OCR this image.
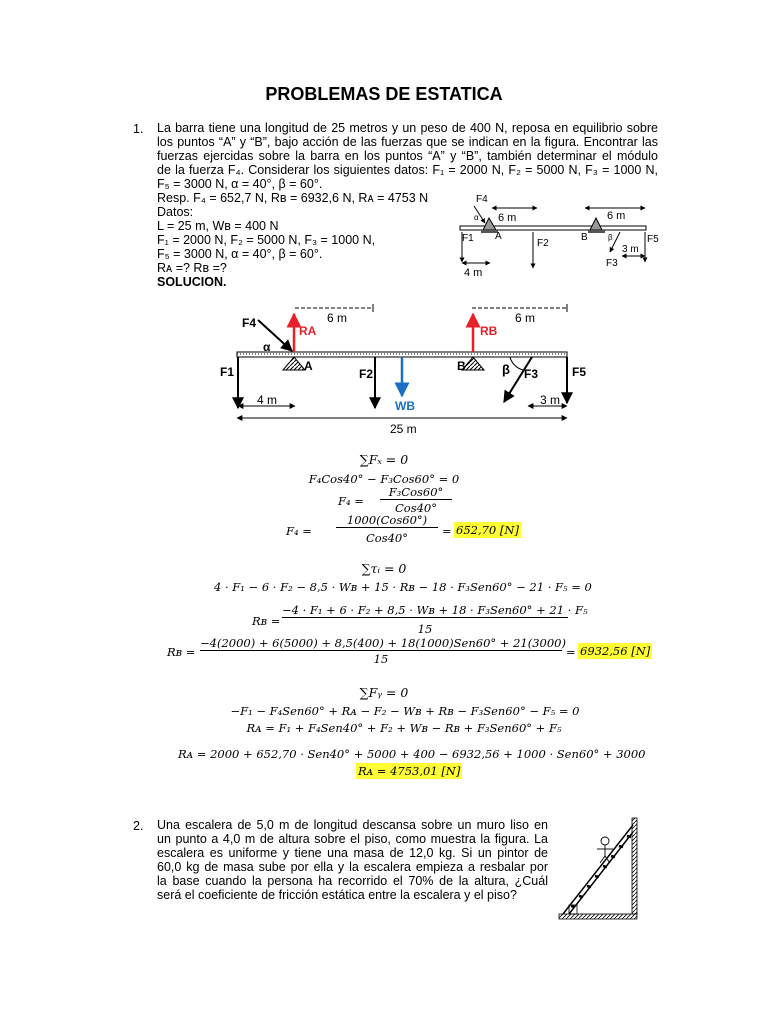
PROBLEMAS DE ESTATICA
1. La barra tiene una longitud de 25 metros y un peso de 400 N, reposa en equilibrio sobre
los puntos “A” y “B”, bajo acción de las fuerzas que se indican en la figura. Encontrar las
fuerzas ejercidas sobre la barra en los puntos “A” y “B”, también determinar el módulo
de la fuerza F₄. Considerar los siguientes datos: F₁ = 2000 N, F₂ = 5000 N, F₃ = 1000 N,
F₅ = 3000 N, α = 40°, β = 60°.
Resp. F₄ = 652,7 N, Rʙ = 6932,6 N, Rᴀ = 4753 N
Datos:
L = 25 m, Wʙ = 400 N
F₁ = 2000 N, F₂ = 5000 N, F₃ = 1000 N,
F₅ = 3000 N, α = 40°, β = 60°.
Rᴀ =? Rʙ =?
SOLUCION.
F4
α 6 m	6 m
F1 A
F2
B	β	F5
3 m
F3
4 m
F4
RA	RB
6 m	6 m
α
F1	A
F2
WB
B	β F3	F5
4 m	3 m
25 m
∑Fₓ = 0
F₄Cos40° − F₃Cos60° = 0
F₄ =
F₃Cos60°
Cos40°
F₄ =
1000(Cos60°)
Cos40°	= 652,70 [N]
∑τᵢ = 0
4 · F₁ − 6 · F₂ − 8,5 · Wʙ + 15 · Rʙ − 18 · F₃Sen60° − 21 · F₅ = 0
Rʙ =
−4 · F₁ + 6 · F₂ + 8,5 · Wʙ + 18 · F₃Sen60° + 21 · F₅
15
Rʙ =
−4(2000) + 6(5000) + 8,5(400) + 18(1000)Sen60° + 21(3000)
15	= 6932,56 [N]
∑Fᵧ = 0
−F₁ − F₄Sen60° + Rᴀ − F₂ − Wʙ + Rʙ − F₃Sen60° − F₅ = 0
Rᴀ = F₁ + F₄Sen40° + F₂ + Wʙ − Rʙ + F₃Sen60° + F₅
Rᴀ = 2000 + 652,70 · Sen40° + 5000 + 400 − 6932,56 + 1000 · Sen60° + 3000
Rᴀ = 4753,01 [N]
2. Una escalera de 5,0 m de longitud descansa sobre un muro liso en
un punto a 4,0 m de altura sobre el piso, como muestra la figura. La
escalera es uniforme y tiene una masa de 12,0 kg. Si un pintor de
60,0 kg de masa sube por ella y la escalera empieza a resbalar por
la base cuando la persona ha recorrido el 70% de la altura, ¿Cuál
será el coeficiente de fricción estática entre la escalera y el piso?
